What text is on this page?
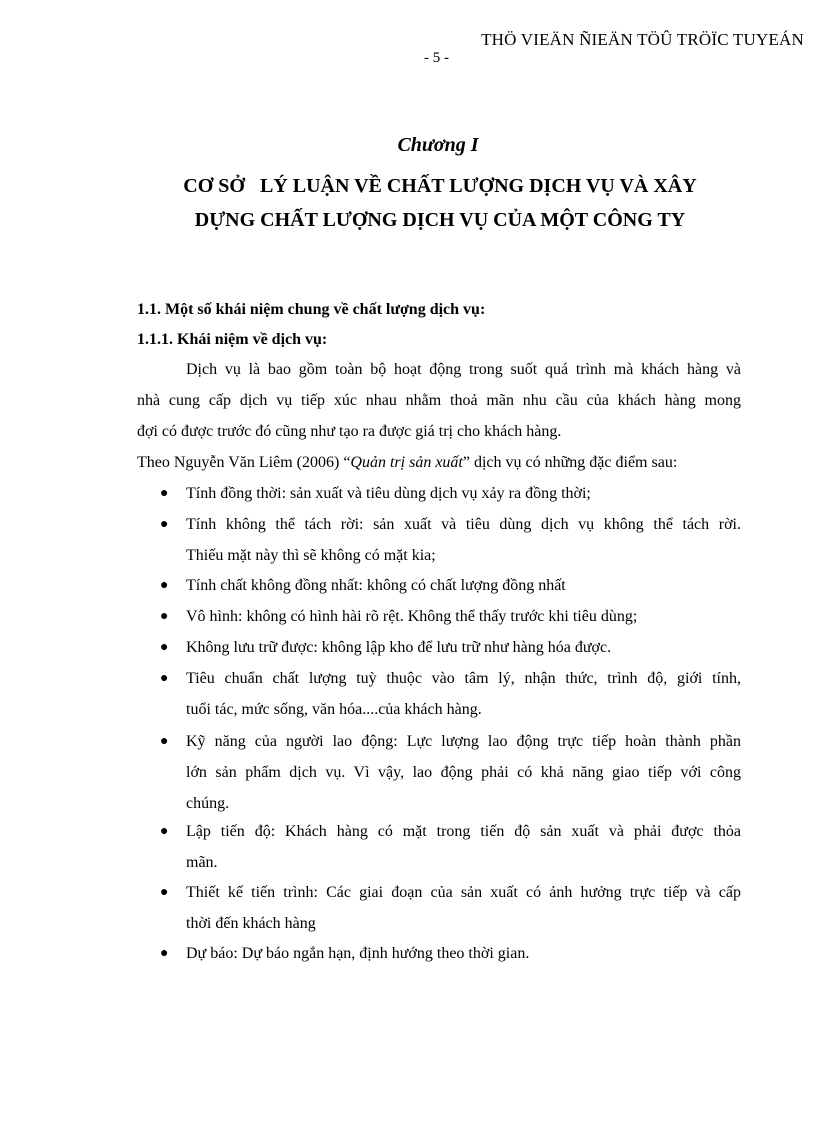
THÖ VIEÄN ÑIEÄN TÖÛ TRÖÏC TUYEÁN
- 5 -
Chương I
CƠ SỞ   LÝ LUẬN VỀ CHẤT LƯỢNG DỊCH VỤ VÀ XÂY
DỰNG CHẤT LƯỢNG DỊCH VỤ CỦA MỘT CÔNG TY
1.1. Một số khái niệm chung về chất lượng dịch vụ:
1.1.1. Khái niệm về dịch vụ:
Dịch vụ là bao gồm toàn bộ hoạt động trong suốt quá trình mà khách hàng và
nhà cung cấp dịch vụ tiếp xúc nhau nhằm thoả mãn nhu cầu của khách hàng mong
đợi có được trước đó cũng như tạo ra được giá trị cho khách hàng.
Theo Nguyễn Văn Liêm (2006) “Quản trị sản xuất” dịch vụ có những đặc điểm sau:
● Tính đồng thời: sản xuất và tiêu dùng dịch vụ xảy ra đồng thời;
● Tính không thể tách rời: sản xuất và tiêu dùng dịch vụ không thể tách rời.
Thiếu mặt này thì sẽ không có mặt kia;
● Tính chất không đồng nhất: không có chất lượng đồng nhất
● Vô hình: không có hình hài rõ rệt. Không thể thấy trước khi tiêu dùng;
● Không lưu trữ được: không lập kho để lưu trữ như hàng hóa được.
● Tiêu chuẩn chất lượng tuỳ thuộc vào tâm lý, nhận thức, trình độ, giới tính,
tuổi tác, mức sống, văn hóa....của khách hàng.
● Kỹ năng của người lao động: Lực lượng lao động trực tiếp hoàn thành phần
lớn sản phẩm dịch vụ. Vì vậy, lao động phải có khả năng giao tiếp với công
chúng.
● Lập tiến độ: Khách hàng có mặt trong tiến độ sản xuất và phải được thỏa
mãn.
● Thiết kế tiến trình: Các giai đoạn của sản xuất có ảnh hưởng trực tiếp và cấp
thời đến khách hàng
● Dự báo: Dự báo ngắn hạn, định hướng theo thời gian.
